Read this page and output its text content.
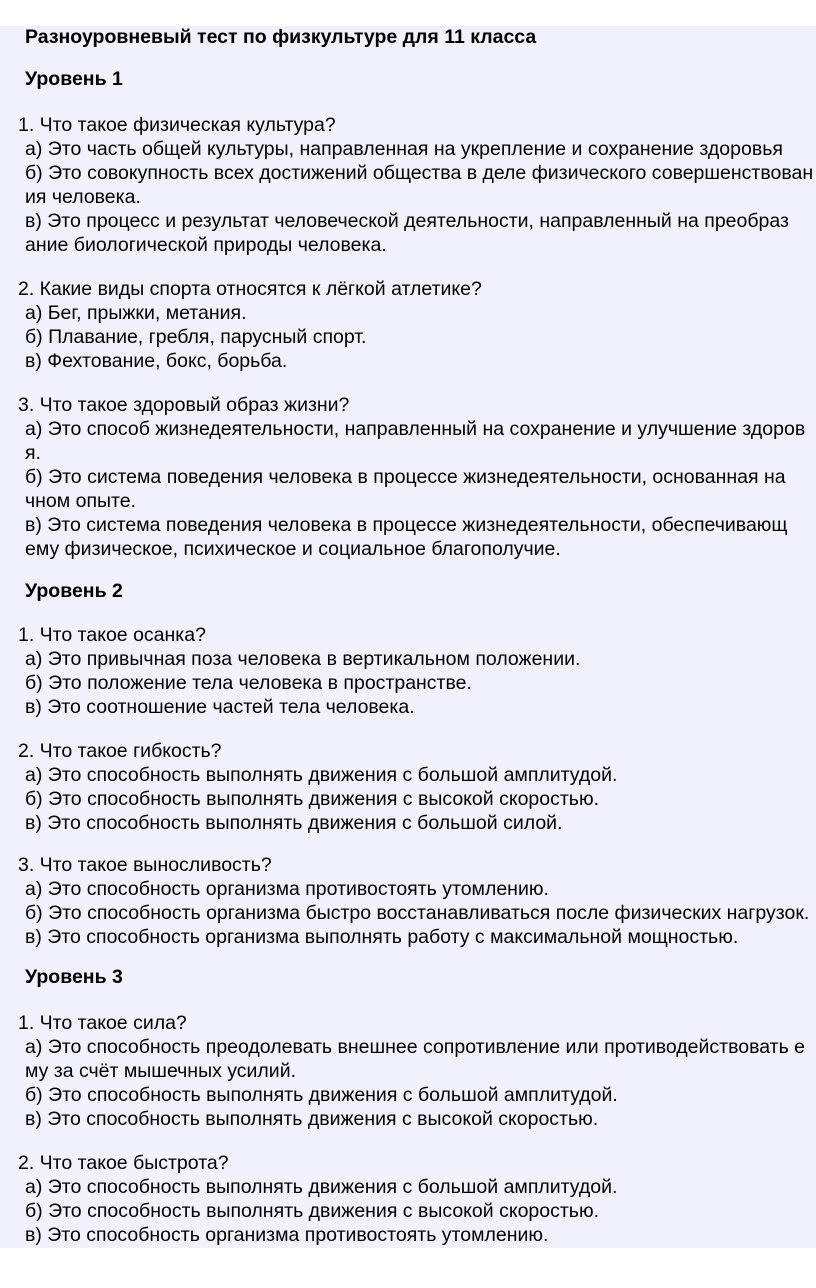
Разноуровневый тест по физкультуре для 11 класса
Уровень 1
1. Что такое физическая культура?
а) Это часть общей культуры, направленная на укрепление и сохранение здоровья
б) Это совокупность всех достижений общества в деле физического совершенствован
ия человека.
в) Это процесс и результат человеческой деятельности, направленный на преобраз
ание биологической природы человека.
2. Какие виды спорта относятся к лёгкой атлетике?
а) Бег, прыжки, метания.
б) Плавание, гребля, парусный спорт.
в) Фехтование, бокс, борьба.
3. Что такое здоровый образ жизни?
а) Это способ жизнедеятельности, направленный на сохранение и улучшение здоров
я.
б) Это система поведения человека в процессе жизнедеятельности, основанная на
чном опыте.
в) Это система поведения человека в процессе жизнедеятельности, обеспечивающ
ему физическое, психическое и социальное благополучие.
Уровень 2
1. Что такое осанка?
а) Это привычная поза человека в вертикальном положении.
б) Это положение тела человека в пространстве.
в) Это соотношение частей тела человека.
2. Что такое гибкость?
а) Это способность выполнять движения с большой амплитудой.
б) Это способность выполнять движения с высокой скоростью.
в) Это способность выполнять движения с большой силой.
3. Что такое выносливость?
а) Это способность организма противостоять утомлению.
б) Это способность организма быстро восстанавливаться после физических нагрузок.
в) Это способность организма выполнять работу с максимальной мощностью.
Уровень 3
1. Что такое сила?
а) Это способность преодолевать внешнее сопротивление или противодействовать е
му за счёт мышечных усилий.
б) Это способность выполнять движения с большой амплитудой.
в) Это способность выполнять движения с высокой скоростью.
2. Что такое быстрота?
а) Это способность выполнять движения с большой амплитудой.
б) Это способность выполнять движения с высокой скоростью.
в) Это способность организма противостоять утомлению.
